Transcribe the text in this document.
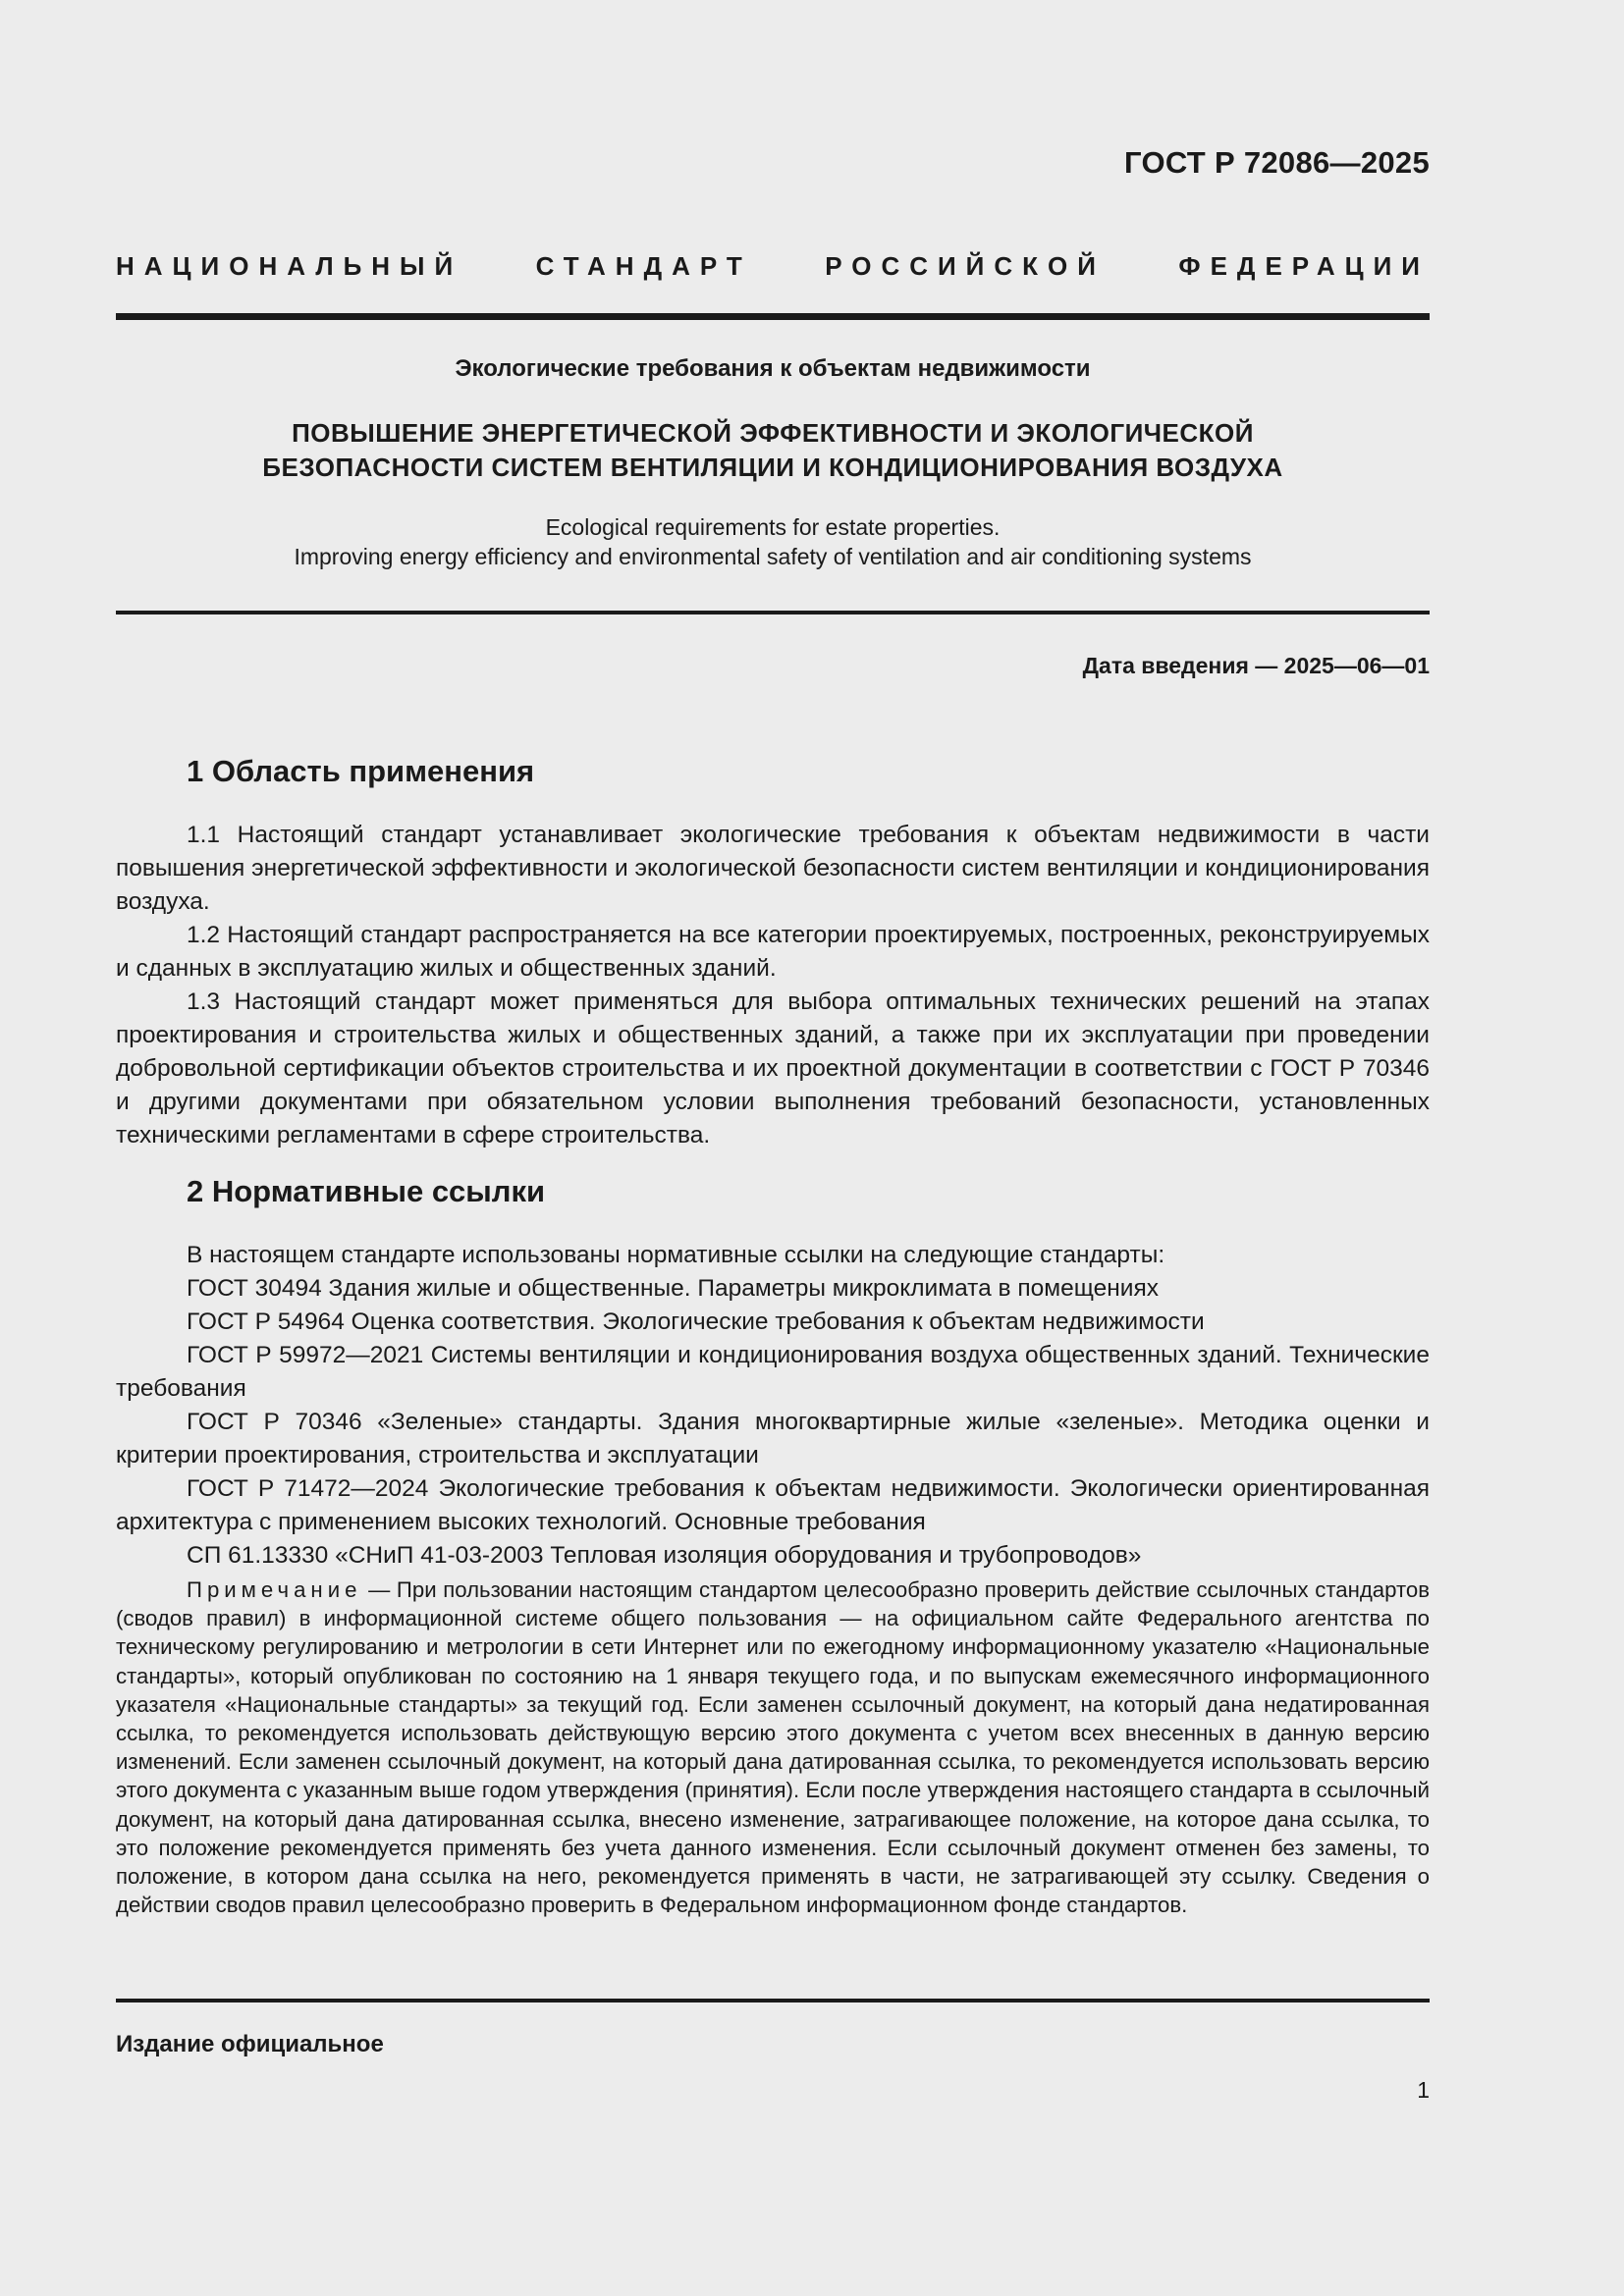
ГОСТ Р 72086—2025
НАЦИОНАЛЬНЫЙ СТАНДАРТ РОССИЙСКОЙ ФЕДЕРАЦИИ
Экологические требования к объектам недвижимости
ПОВЫШЕНИЕ ЭНЕРГЕТИЧЕСКОЙ ЭФФЕКТИВНОСТИ И ЭКОЛОГИЧЕСКОЙ
БЕЗОПАСНОСТИ СИСТЕМ ВЕНТИЛЯЦИИ И КОНДИЦИОНИРОВАНИЯ ВОЗДУХА
Ecological requirements for estate properties.
Improving energy efficiency and environmental safety of ventilation and air conditioning systems
Дата введения — 2025—06—01
1 Область применения
1.1 Настоящий стандарт устанавливает экологические требования к объектам недвижимости в части повышения энергетической эффективности и экологической безопасности систем вентиляции и кондиционирования воздуха.
1.2 Настоящий стандарт распространяется на все категории проектируемых, построенных, реконструируемых и сданных в эксплуатацию жилых и общественных зданий.
1.3 Настоящий стандарт может применяться для выбора оптимальных технических решений на этапах проектирования и строительства жилых и общественных зданий, а также при их эксплуатации при проведении добровольной сертификации объектов строительства и их проектной документации в соответствии с ГОСТ Р 70346 и другими документами при обязательном условии выполнения требований безопасности, установленных техническими регламентами в сфере строительства.
2 Нормативные ссылки
В настоящем стандарте использованы нормативные ссылки на следующие стандарты:
ГОСТ 30494 Здания жилые и общественные. Параметры микроклимата в помещениях
ГОСТ Р 54964 Оценка соответствия. Экологические требования к объектам недвижимости
ГОСТ Р 59972—2021 Системы вентиляции и кондиционирования воздуха общественных зданий. Технические требования
ГОСТ Р 70346 «Зеленые» стандарты. Здания многоквартирные жилые «зеленые». Методика оценки и критерии проектирования, строительства и эксплуатации
ГОСТ Р 71472—2024 Экологические требования к объектам недвижимости. Экологически ориентированная архитектура с применением высоких технологий. Основные требования
СП 61.13330 «СНиП 41-03-2003 Тепловая изоляция оборудования и трубопроводов»
Примечание — При пользовании настоящим стандартом целесообразно проверить действие ссылочных стандартов (сводов правил) в информационной системе общего пользования — на официальном сайте Федерального агентства по техническому регулированию и метрологии в сети Интернет или по ежегодному информационному указателю «Национальные стандарты», который опубликован по состоянию на 1 января текущего года, и по выпускам ежемесячного информационного указателя «Национальные стандарты» за текущий год. Если заменен ссылочный документ, на который дана недатированная ссылка, то рекомендуется использовать действующую версию этого документа с учетом всех внесенных в данную версию изменений. Если заменен ссылочный документ, на который дана датированная ссылка, то рекомендуется использовать версию этого документа с указанным выше годом утверждения (принятия). Если после утверждения настоящего стандарта в ссылочный документ, на который дана датированная ссылка, внесено изменение, затрагивающее положение, на которое дана ссылка, то это положение рекомендуется применять без учета данного изменения. Если ссылочный документ отменен без замены, то положение, в котором дана ссылка на него, рекомендуется применять в части, не затрагивающей эту ссылку. Сведения о действии сводов правил целесообразно проверить в Федеральном информационном фонде стандартов.
Издание официальное
1
